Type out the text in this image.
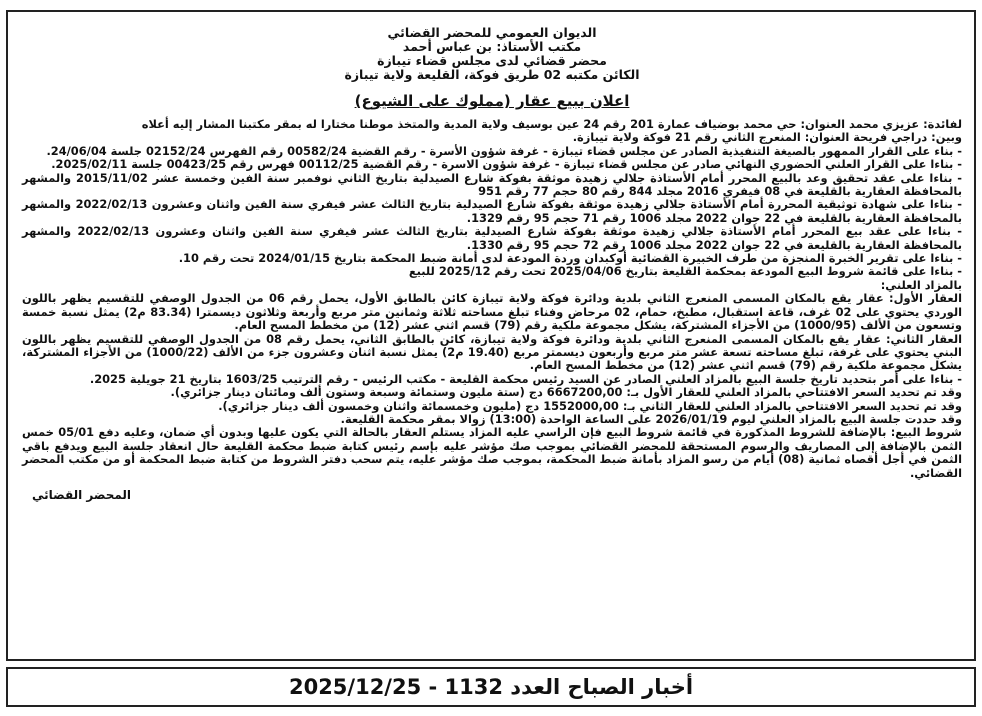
الديوان العمومي للمحضر القضائي
مكتب الأستاذ: بن عباس أحمد
محضر قضائي لدى مجلس قضاء تيبازة
الكائن مكتبه 02 طريق فوكة، القليعة ولاية تيبازة
اعلان ببيع عقار (مملوك على الشيوع)

لفائدة: عزيزي محمد العنوان: حي محمد بوضياف عمارة 201 رقم 24 عين بوسيف ولاية المدية والمتخذ موطنا مختارا له بمقر مكتبنا المشار إليه أعلاه

وبين: دراجي فريحة العنوان: المنعرج الثاني رقم 21 فوكة ولاية تيبازة.

- بناء على القرار الممهور بالصيغة التنفيذية الصادر عن مجلس قضاء تيبازة - غرفة شؤون الأسرة - رقم القضية 00582/24 رقم الفهرس 02152/24 جلسة 24/06/04.

- بناءا على القرار العلني الحضوري النهائي صادر عن مجلس قضاء تيبازة - غرفة شؤون الاسرة - رقم القضية 00112/25 فهرس رقم 00423/25 جلسة 2025/02/11.

- بناءا على عقد تحقيق وعد بالبيع المحرر أمام الأستاذة جلالي زهيدة موثقة بفوكة شارع الصيدلية بتاريخ الثاني نوفمبر سنة الفين وخمسة عشر 2015/11/02 والمشهر بالمحافظة العقارية بالقليعة في 08 فيفري 2016 مجلد 844 رقم 80 حجم 77 رقم 951

- بناءا على شهادة توثيقية المحررة أمام الأستاذة جلالي زهيدة موثقة بفوكة شارع الصيدلية بتاريخ الثالث عشر فيفري سنة الفين واثنان وعشرون 2022/02/13 والمشهر بالمحافظة العقارية بالقليعة في 22 جوان 2022 مجلد 1006 رقم 71 حجم 95 رقم 1329.

- بناءا على عقد بيع المحرر أمام الأستاذة جلالي زهيدة موثقة بفوكة شارع الصيدلية بتاريخ الثالث عشر فيفري سنة الفين واثنان وعشرون 2022/02/13 والمشهر بالمحافظة العقارية بالقليعة في 22 جوان 2022 مجلد 1006 رقم 72 حجم 95 رقم 1330.

- بناءا على تقرير الخبرة المنجزة من طرف الخبيرة القضائية أوكبدان وردة المودعة لدى أمانة ضبط المحكمة بتاريخ 2024/01/15 تحت رقم 10.

- بناءا على قائمة شروط البيع المودعة بمحكمة القليعة بتاريخ 2025/04/06 تحت رقم 2025/12 للبيع

بالمزاد العلني:

العقار الأول: عقار يقع بالمكان المسمى المنعرج الثاني بلدية ودائرة فوكة ولاية تيبازة كائن بالطابق الأول، يحمل رقم 06 من الجدول الوصفي للتقسيم يظهر باللون الوردي يحتوي على 02 غرف، قاعة استقبال، مطبخ، حمام، 02 مرحاض وفناء تبلغ مساحته ثلاثة وثمانين متر مربع وأربعة وثلاثون ديسمترا (83.34 م2) يمثل نسبة خمسة وتسعون من الألف (1000/95) من الأجزاء المشتركة، يشكل مجموعة ملكية رقم (79) قسم اثني عشر (12) من مخطط المسح العام.

العقار الثاني: عقار يقع بالمكان المسمى المنعرج الثاني بلدية ودائرة فوكة ولاية تيبازة، كائن بالطابق الثاني، يحمل رقم 08 من الجدول الوصفي للتقسيم يظهر باللون البني يحتوي على غرفة، تبلغ مساحته تسعة عشر متر مربع وأربعون ديسمتر مربع (19.40 م2) يمثل نسبة اثنان وعشرون جزء من الألف (1000/22) من الأجزاء المشتركة، يشكل مجموعة ملكية رقم (79) قسم اثني عشر (12) من مخطط المسح العام.

- بناءا على أمر بتحديد تاريخ جلسة البيع بالمزاد العلني الصادر عن السيد رئيس محكمة القليعة - مكتب الرئيس - رقم الترتيب 1603/25 بتاريخ 21 جويلية 2025.

وقد تم تحديد السعر الافتتاحي بالمزاد العلني للعقار الأول بـ: 6667200,00 دج (ستة مليون وستمائة وسبعة وستون ألف ومائتان دينار جزائري).

وقد تم تحديد السعر الافتتاحي بالمزاد العلني للعقار الثاني بـ: 1552000,00 دج (مليون وخمسمائة واثنان وخمسون ألف دينار جزائري).

وقد حددت جلسة البيع بالمزاد العلني ليوم 2026/01/19 على الساعة الواحدة (13:00) زوالا بمقر محكمة القليعة.

شروط البيع: بالإضافة للشروط المذكورة في قائمة شروط البيع فإن الراسي عليه المزاد يستلم العقار بالحالة التي يكون عليها وبدون أي ضمان، وعليه دفع 05/01 خمس الثمن بالإضافة إلى المصاريف والرسوم المستحقة للمحضر القضائي بموجب صك مؤشر عليه بإسم رئيس كتابة ضبط محكمة القليعة حال انعقاد جلسة البيع ويدفع باقي الثمن في أجل أقصاه ثمانية (08) أيام من رسو المزاد بأمانة ضبط المحكمة، بموجب صك مؤشر عليه، يتم سحب دفتر الشروط من كتابة ضبط المحكمة أو من مكتب المحضر القضائي.

المحضر القضائي
أخبار الصباح العدد 1132 - 2025/12/25
